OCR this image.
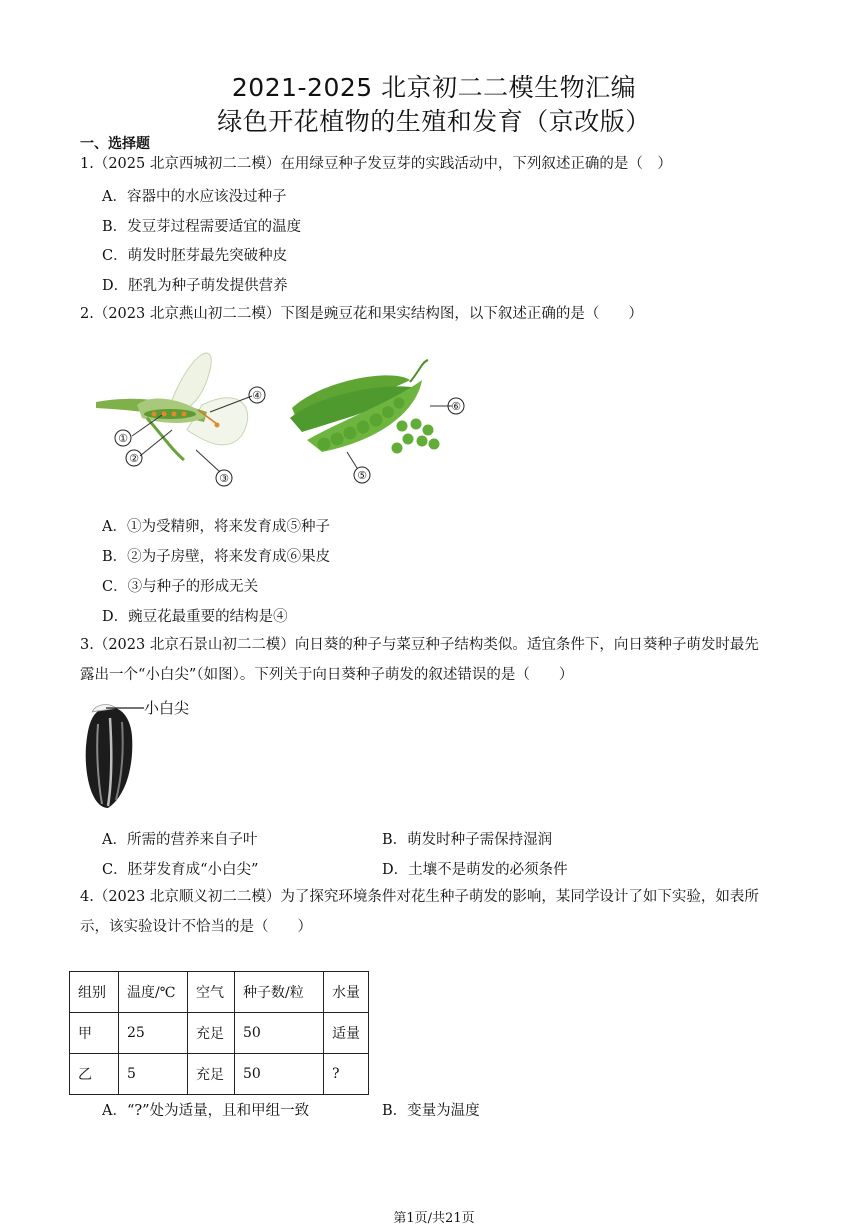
2021-2025 北京初二二模生物汇编
绿色开花植物的生殖和发育（京改版）
一、选择题
1.（2025 北京西城初二二模）在用绿豆种子发豆芽的实践活动中，下列叙述正确的是（　）
A．容器中的水应该没过种子
B．发豆芽过程需要适宜的温度
C．萌发时胚芽最先突破种皮
D．胚乳为种子萌发提供营养
2.（2023 北京燕山初二二模）下图是豌豆花和果实结构图，以下叙述正确的是（　　）
①
②
③
④
⑤
⑥
A．①为受精卵，将来发育成⑤种子
B．②为子房壁，将来发育成⑥果皮
C．③与种子的形成无关
D．豌豆花最重要的结构是④
3.（2023 北京石景山初二二模）向日葵的种子与菜豆种子结构类似。适宜条件下，向日葵种子萌发时最先
露出一个“小白尖”（如图）。下列关于向日葵种子萌发的叙述错误的是（　　）
小白尖
A．所需的营养来自子叶	B．萌发时种子需保持湿润
C．胚芽发育成“小白尖”	D．土壤不是萌发的必须条件
4.（2023 北京顺义初二二模）为了探究环境条件对花生种子萌发的影响，某同学设计了如下实验，如表所
示，该实验设计不恰当的是（　　）
组别	温度/℃	空气	种子数/粒	水量
甲	25	充足	50	适量
乙	5	充足	50	?
A．“?”处为适量，且和甲组一致	B．变量为温度
第1页/共21页
